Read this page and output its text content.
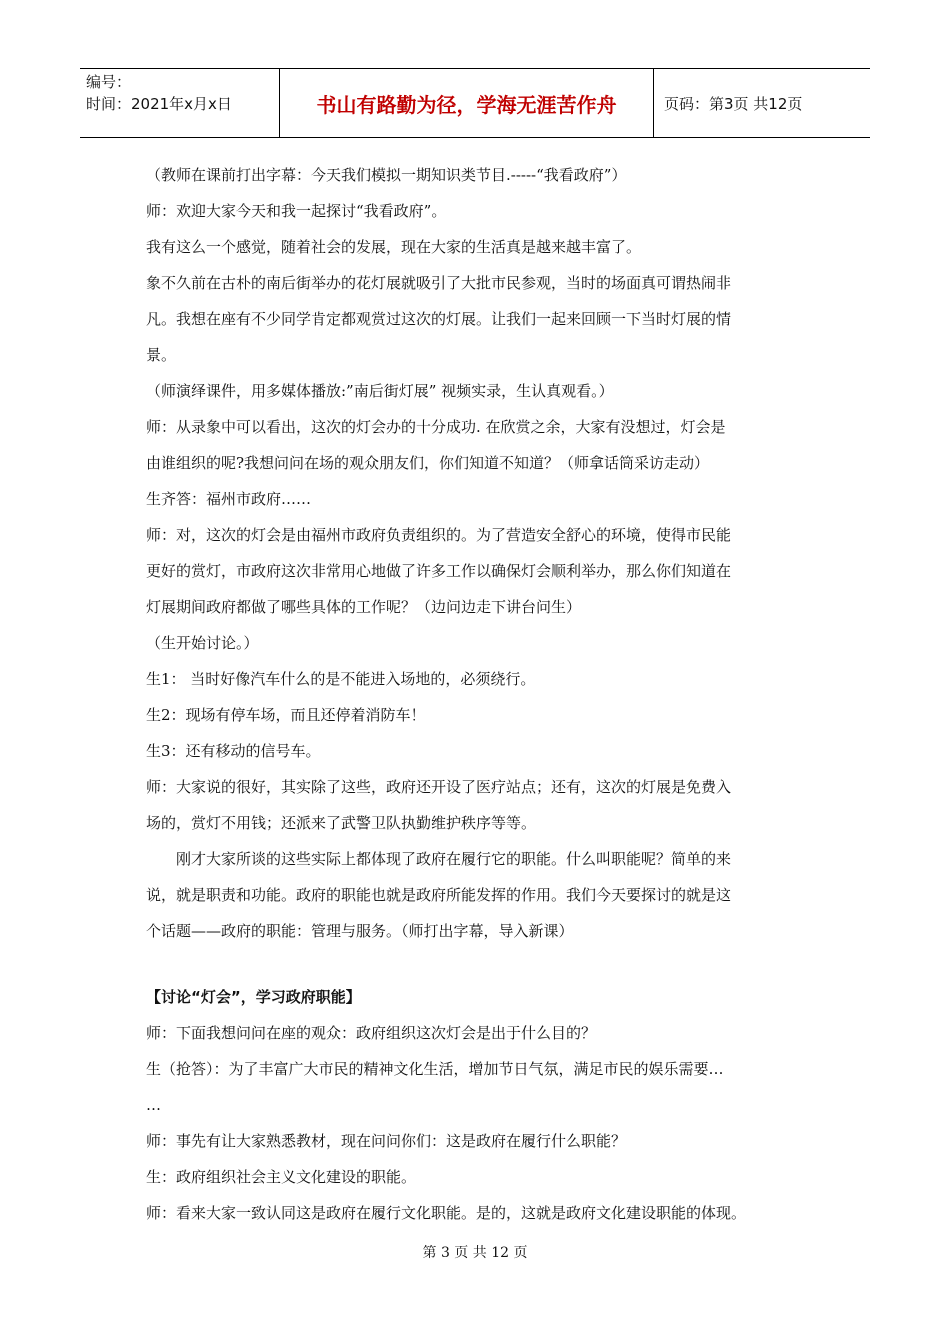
编号：
时间：2021年x月x日	书山有路勤为径，学海无涯苦作舟	页码：第3页 共12页
（教师在课前打出字幕：今天我们模拟一期知识类节目.-----“我看政府”）
师：欢迎大家今天和我一起探讨“我看政府”。
我有这么一个感觉，随着社会的发展，现在大家的生活真是越来越丰富了。
象不久前在古朴的南后街举办的花灯展就吸引了大批市民参观，当时的场面真可谓热闹非
凡。我想在座有不少同学肯定都观赏过这次的灯展。让我们一起来回顾一下当时灯展的情
景。
（师演绎课件，用多媒体播放:”南后街灯展” 视频实录，生认真观看。）
师：从录象中可以看出，这次的灯会办的十分成功. 在欣赏之余，大家有没想过，灯会是
由谁组织的呢?我想问问在场的观众朋友们，你们知道不知道？（师拿话筒采访走动）
生齐答：福州市政府……
师：对，这次的灯会是由福州市政府负责组织的。为了营造安全舒心的环境，使得市民能
更好的赏灯，市政府这次非常用心地做了许多工作以确保灯会顺利举办，那么你们知道在
灯展期间政府都做了哪些具体的工作呢？（边问边走下讲台问生）
（生开始讨论。）
生1： 当时好像汽车什么的是不能进入场地的，必须绕行。
生2：现场有停车场，而且还停着消防车！
生3：还有移动的信号车。
师：大家说的很好，其实除了这些，政府还开设了医疗站点；还有，这次的灯展是免费入
场的，赏灯不用钱；还派来了武警卫队执勤维护秩序等等。
刚才大家所谈的这些实际上都体现了政府在履行它的职能。什么叫职能呢？简单的来
说，就是职责和功能。政府的职能也就是政府所能发挥的作用。我们今天要探讨的就是这
个话题——政府的职能：管理与服务。（师打出字幕，导入新课）
【讨论“灯会”，学习政府职能】
师：下面我想问问在座的观众：政府组织这次灯会是出于什么目的？
生（抢答）：为了丰富广大市民的精神文化生活，增加节日气氛，满足市民的娱乐需要…
…
师：事先有让大家熟悉教材，现在问问你们：这是政府在履行什么职能？
生：政府组织社会主义文化建设的职能。
师：看来大家一致认同这是政府在履行文化职能。是的，这就是政府文化建设职能的体现。
第 3 页 共 12 页
